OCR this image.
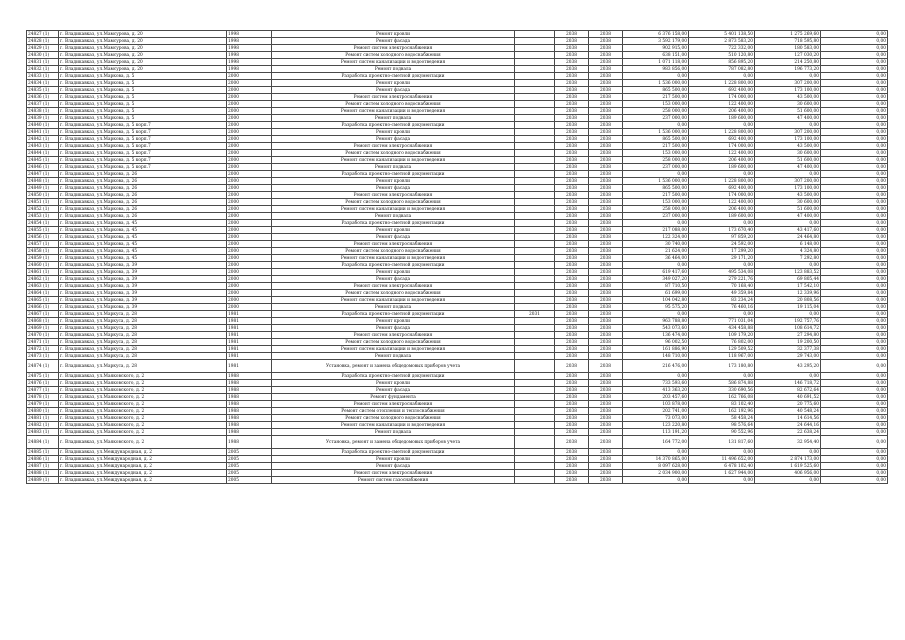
24827 (1)	г. Владикавказ, ул.Мамсурова, д. 20	1998	Ремонт кровли		2038	2038	6 376 158,00	5 401 138,50	1 275 269,60	0,00
24828 (1)	г. Владикавказ, ул.Мамсурова, д. 20	1998	Ремонт фасада		2038	2038	3 592 179,00	2 873 583,20	718 595,80	0,00
24829 (1)	г. Владикавказ, ул.Мамсурова, д. 20	1998	Ремонт систем электроснабжения		2038	2038	902 915,00	722 332,00	180 583,00	0,00
24830 (1)	г. Владикавказ, ул.Мамсурова, д. 20	1998	Ремонт систем холодного водоснабжения		2038	2038	638 151,00	510 120,80	127 030,20	0,00
24831 (1)	г. Владикавказ, ул.Мамсурова, д. 20	1998	Ремонт систем канализации и водоотведения		2038	2038	1 071 118,00	856 895,20	214 250,80	0,00
24832 (1)	г. Владикавказ, ул.Мамсурова, д. 20	1998	Ремонт подвала		2038	2038	983 856,00	787 082,80	196 773,20	0,00
24833 (1)	г. Владикавказ, ул.Маркова, д. 5	2000	Разработка проектно-сметной документации		2038	2038	0,00	0,00	0,00	0,00
24834 (1)	г. Владикавказ, ул.Маркова, д. 5	2000	Ремонт кровли		2038	2038	1 536 000,00	1 228 800,00	307 200,00	0,00
24835 (1)	г. Владикавказ, ул.Маркова, д. 5	2000	Ремонт фасада		2038	2038	865 500,00	692 400,00	173 100,00	0,00
24836 (1)	г. Владикавказ, ул.Маркова, д. 5	2000	Ремонт систем электроснабжения		2038	2038	217 500,00	174 000,00	43 500,00	0,00
24837 (1)	г. Владикавказ, ул.Маркова, д. 5	2000	Ремонт систем холодного водоснабжения		2038	2038	153 000,00	122 400,00	30 600,00	0,00
24838 (1)	г. Владикавказ, ул.Маркова, д. 5	2000	Ремонт систем канализации и водоотведения		2038	2038	258 000,00	206 400,00	51 600,00	0,00
24839 (1)	г. Владикавказ, ул.Маркова, д. 5	2000	Ремонт подвала		2038	2038	237 000,00	189 600,00	47 400,00	0,00
24840 (1)	г. Владикавказ, ул.Маркова, д. 5 корп.7	2000	Разработка проектно-сметной документации		2038	2038	0,00	0,00	0,00	0,00
24841 (1)	г. Владикавказ, ул.Маркова, д. 5 корп.7	2000	Ремонт кровли		2038	2038	1 536 000,00	1 228 800,00	307 200,00	0,00
24842 (1)	г. Владикавказ, ул.Маркова, д. 5 корп.7	2000	Ремонт фасада		2038	2038	865 500,00	692 400,00	173 100,00	0,00
24843 (1)	г. Владикавказ, ул.Маркова, д. 5 корп.7	2000	Ремонт систем электроснабжения		2038	2038	217 500,00	174 000,00	43 500,00	0,00
24844 (1)	г. Владикавказ, ул.Маркова, д. 5 корп.7	2000	Ремонт систем холодного водоснабжения		2038	2038	153 000,00	122 400,00	30 600,00	0,00
24845 (1)	г. Владикавказ, ул.Маркова, д. 5 корп.7	2000	Ремонт систем канализации и водоотведения		2038	2038	258 000,00	206 400,00	51 600,00	0,00
24846 (1)	г. Владикавказ, ул.Маркова, д. 5 корп.7	2000	Ремонт подвала		2038	2038	237 000,00	189 600,00	47 400,00	0,00
24847 (1)	г. Владикавказ, ул.Маркова, д. 26	2000	Разработка проектно-сметной документации		2038	2038	0,00	0,00	0,00	0,00
24848 (1)	г. Владикавказ, ул.Маркова, д. 26	2000	Ремонт кровли		2038	2038	1 536 000,00	1 228 800,00	307 200,00	0,00
24849 (1)	г. Владикавказ, ул.Маркова, д. 26	2000	Ремонт фасада		2038	2038	865 500,00	692 400,00	173 100,00	0,00
24850 (1)	г. Владикавказ, ул.Маркова, д. 26	2000	Ремонт систем электроснабжения		2038	2038	217 500,00	174 000,00	43 500,00	0,00
24851 (1)	г. Владикавказ, ул.Маркова, д. 26	2000	Ремонт систем холодного водоснабжения		2038	2038	153 000,00	122 400,00	30 600,00	0,00
24852 (1)	г. Владикавказ, ул.Маркова, д. 26	2000	Ремонт систем канализации и водоотведения		2038	2038	258 000,00	206 400,00	51 600,00	0,00
24853 (1)	г. Владикавказ, ул.Маркова, д. 26	2000	Ремонт подвала		2038	2038	237 000,00	189 600,00	47 400,00	0,00
24854 (1)	г. Владикавказ, ул.Маркова, д. 45	2000	Разработка проектно-сметной документации		2038	2038	0,00	0,00	0,00	0,00
24855 (1)	г. Владикавказ, ул.Маркова, д. 45	2000	Ремонт кровли		2038	2038	217 088,00	173 670,40	43 417,60	0,00
24856 (1)	г. Владикавказ, ул.Маркова, д. 45	2000	Ремонт фасада		2038	2038	122 324,00	97 859,20	24 464,80	0,00
24857 (1)	г. Владикавказ, ул.Маркова, д. 45	2000	Ремонт систем электроснабжения		2038	2038	30 740,00	24 592,00	6 148,00	0,00
24858 (1)	г. Владикавказ, ул.Маркова, д. 45	2000	Ремонт систем холодного водоснабжения		2038	2038	21 624,00	17 299,20	4 324,80	0,00
24859 (1)	г. Владикавказ, ул.Маркова, д. 45	2000	Ремонт систем канализации и водоотведения		2038	2038	36 464,00	29 171,20	7 292,80	0,00
24860 (1)	г. Владикавказ, ул.Маркова, д. 39	2000	Разработка проектно-сметной документации		2038	2038	0,00	0,00	0,00	0,00
24861 (1)	г. Владикавказ, ул.Маркова, д. 39	2000	Ремонт кровли		2038	2038	619 417,60	495 534,08	123 883,52	0,00
24862 (1)	г. Владикавказ, ул.Маркова, д. 39	2000	Ремонт фасада		2038	2038	349 027,20	279 221,76	69 805,44	0,00
24863 (1)	г. Владикавказ, ул.Маркова, д. 39	2000	Ремонт систем электроснабжения		2038	2038	87 710,50	70 168,40	17 542,10	0,00
24864 (1)	г. Владикавказ, ул.Маркова, д. 39	2000	Ремонт систем холодного водоснабжения		2038	2038	61 699,00	49 359,84	12 339,96	0,00
24865 (1)	г. Владикавказ, ул.Маркова, д. 39	2000	Ремонт систем канализации и водоотведения		2038	2038	104 042,80	83 234,24	20 808,56	0,00
24866 (1)	г. Владикавказ, ул.Маркова, д. 39	2000	Ремонт подвала		2038	2038	95 575,20	76 460,16	19 115,04	0,00
24867 (1)	г. Владикавказ, ул.Маркуса, д. 28	1981	Разработка проектно-сметной документации	2031	2038	2038	0,00	0,00	0,00	0,00
24868 (1)	г. Владикавказ, ул.Маркуса, д. 28	1981	Ремонт кровли		2038	2038	963 788,80	771 031,04	192 757,76	0,00
24869 (1)	г. Владикавказ, ул.Маркуса, д. 28	1981	Ремонт фасада		2038	2038	543 073,60	434 458,88	108 614,72	0,00
24870 (1)	г. Владикавказ, ул.Маркуса, д. 28	1981	Ремонт систем электроснабжения		2038	2038	136 474,00	109 179,20	27 294,80	0,00
24871 (1)	г. Владикавказ, ул.Маркуса, д. 28	1981	Ремонт систем холодного водоснабжения		2038	2038	96 002,50	76 802,00	19 200,50	0,00
24872 (1)	г. Владикавказ, ул.Маркуса, д. 28	1981	Ремонт систем канализации и водоотведения		2038	2038	161 886,90	129 509,52	32 377,38	0,00
24873 (1)	г. Владикавказ, ул.Маркуса, д. 28	1981	Ремонт подвала		2038	2038	148 710,00	118 967,00	29 743,00	0,00
24874 (1)	г. Владикавказ, ул.Маркуса, д. 28	1981	Установка, ремонт и замена общедомовых приборов учета		2038	2038	216 476,00	173 180,80	43 295,20	0,00
24875 (1)	г. Владикавказ, ул.Маяковского, д. 2	1988	Разработка проектно-сметной документации		2038	2038	0,00	0,00	0,00	0,00
24876 (1)	г. Владикавказ, ул.Маяковского, д. 2	1988	Ремонт кровли		2038	2038	733 593,60	586 874,88	146 718,72	0,00
24877 (1)	г. Владикавказ, ул.Маяковского, д. 2	1988	Ремонт фасада		2038	2038	413 363,20	330 690,56	82 672,64	0,00
24878 (1)	г. Владикавказ, ул.Маяковского, д. 2	1988	Ремонт фундамента		2038	2038	203 457,60	162 766,08	40 691,52	0,00
24879 (1)	г. Владикавказ, ул.Маяковского, д. 2	1988	Ремонт систем электроснабжения		2038	2038	103 878,00	83 102,40	20 775,60	0,00
24880 (1)	г. Владикавказ, ул.Маяковского, д. 2	1988	Ремонт систем отопления и теплоснабжения		2038	2038	202 741,00	162 192,96	40 548,24	0,00
24881 (1)	г. Владикавказ, ул.Маяковского, д. 2	1988	Ремонт систем холодного водоснабжения		2038	2038	73 073,00	58 458,24	14 614,56	0,00
24882 (1)	г. Владикавказ, ул.Маяковского, д. 2	1988	Ремонт систем канализации и водоотведения		2038	2038	123 220,80	98 576,64	24 644,16	0,00
24883 (1)	г. Владикавказ, ул.Маяковского, д. 2	1988	Ремонт подвала		2038	2038	113 191,20	90 552,96	22 638,24	0,00
24884 (1)	г. Владикавказ, ул.Маяковского, д. 2	1988	Установка, ремонт и замена общедомовых приборов учета		2038	2038	164 772,00	131 817,60	32 954,40	0,00
24885 (1)	г. Владикавказ, ул.Международная, д. 2	2005	Разработка проектно-сметной документации		2038	2038	0,00	0,00	0,00	0,00
24886 (1)	г. Владикавказ, ул.Международная, д. 2	2005	Ремонт кровли		2038	2038	14 370 865,00	11 496 652,00	2 874 173,00	0,00
24887 (1)	г. Владикавказ, ул.Международная, д. 2	2005	Ремонт фасада		2038	2038	8 097 628,00	6 478 102,40	1 619 525,60	0,00
24888 (1)	г. Владикавказ, ул.Международная, д. 2	2005	Ремонт систем электроснабжения		2038	2038	2 034 900,00	1 627 944,00	406 956,00	0,00
24889 (1)	г. Владикавказ, ул.Международная, д. 2	2005	Ремонт систем газоснабжения		2038	2038	0,00	0,00	0,00	0,00
